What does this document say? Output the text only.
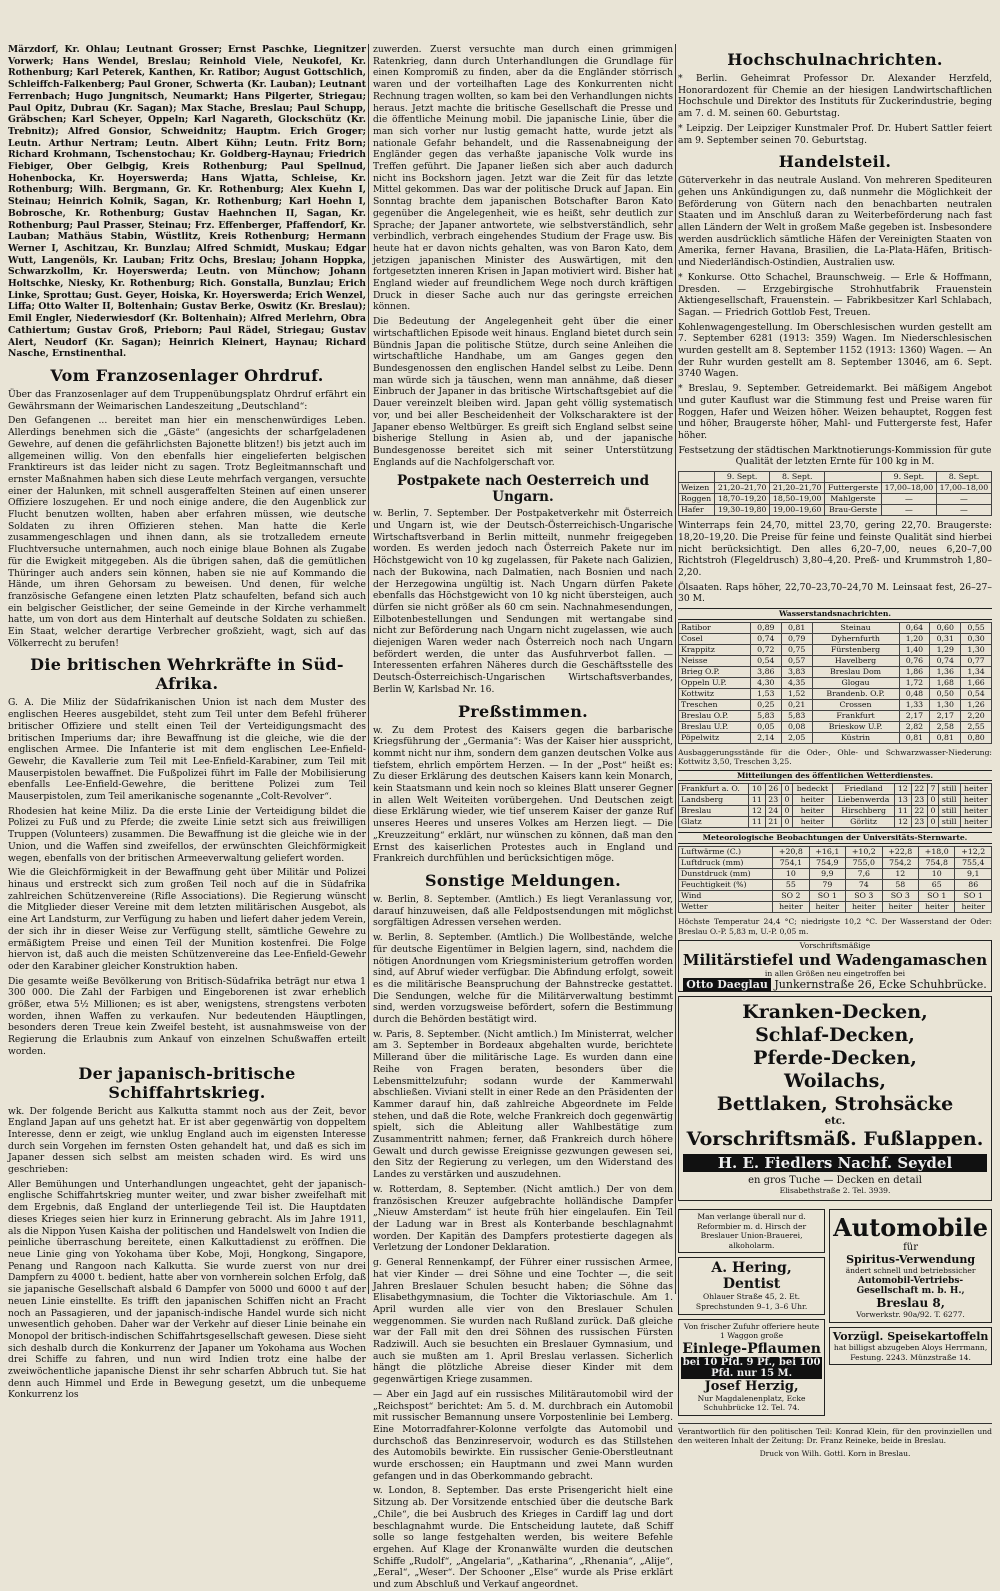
Märzdorf, Kr. Ohlau; Leutnant Grosser; Ernst Paschke, Liegnitzer Vorwerk; Hans Wendel, Breslau; Reinhold Viele, Neukofel, Kr. Rothenburg; Karl Peterek, Kanthen, Kr. Ratibor; August Gottschlich, Schleiffch-Falkenberg; Paul Groner, Schwerta (Kr. Lauban); Leutnant Ferrenbach; Hugo Jungnitsch, Neumarkt; Hans Pilgerter, Striegau; Paul Opitz, Dubrau (Kr. Sagan); Max Stache, Breslau; Paul Schupp, Gräbschen; Karl Scheyer, Oppeln; Karl Nagareth, Glockschütz (Kr. Trebnitz); Alfred Gonsior, Schweidnitz; Hauptm. Erich Groger; Leutn. Arthur Nertram; Leutn. Albert Kühn; Leutn. Fritz Born; Richard Krohmann, Tschenstochau; Kr. Goldberg-Haynau; Friedrich Fiebiger, Ober Gelbgig, Kreis Rothenburg; Paul Spellnud, Hohenbocka, Kr. Hoyerswerda; Hans Wjatta, Schleise, Kr. Rothenburg; Wilh. Bergmann, Gr. Kr. Rothenburg; Alex Kuehn I, Steinau; Heinrich Kolnik, Sagan, Kr. Rothenburg; Karl Hoehn I, Bobrosche, Kr. Rothenburg; Gustav Haehnchen II, Sagan, Kr. Rothenburg; Paul Prasser, Steinau; Frz. Effenberger, Pfaffendorf, Kr. Lauban; Mathäus Stabin, Wüstlitz, Kreis Rothenburg; Hermann Werner I, Aschitzau, Kr. Bunzlau; Alfred Schmidt, Muskau; Edgar Wutt, Langenöls, Kr. Lauban; Fritz Ochs, Breslau; Johann Hoppka, Schwarzkollm, Kr. Hoyerswerda; Leutn. von Münchow; Johann Holtschke, Niesky, Kr. Rothenburg; Rich. Gonstalla, Bunzlau; Erich Linke, Sprottau; Gust. Geyer, Hoiska, Kr. Hoyerswerda; Erich Wenzel, Liffa; Otto Walter II, Boltenhain; Gustav Berke, Oswitz (Kr. Breslau); Emil Engler, Niederwiesdorf (Kr. Boltenhain); Alfred Merlehrn, Obra Cathiertum; Gustav Groß, Prieborn; Paul Rädel, Striegau; Gustav Alert, Neudorf (Kr. Sagan); Heinrich Kleinert, Haynau; Richard Nasche, Ernstinenthal.

Vom Franzosenlager Ohrdruf.

Über das Franzosenlager auf dem Truppenübungsplatz Ohrdruf erfährt ein Gewährsmann der Weimarischen Landeszeitung „Deutschland“:

Den Gefangenen ... bereitet man hier ein menschenwürdiges Leben. Allerdings benehmen sich die „Gäste“ (angesichts der scharfgeladenen Gewehre, auf denen die gefährlichsten Bajonette blitzen!) bis jetzt auch im allgemeinen willig. Von den ebenfalls hier eingelieferten belgischen Franktireurs ist das leider nicht zu sagen. Trotz Begleitmannschaft und ernster Maßnahmen haben sich diese Leute mehrfach vergangen, versuchte einer der Halunken, mit schnell ausgeraffelten Steinen auf einen unserer Offiziere loszugehen. Er und noch einige andere, die den Augenblick zur Flucht benutzen wollten, haben aber erfahren müssen, wie deutsche Soldaten zu ihren Offizieren stehen. Man hatte die Kerle zusammengeschlagen und ihnen dann, als sie trotzalledem erneute Fluchtversuche unternahmen, auch noch einige blaue Bohnen als Zugabe für die Ewigkeit mitgegeben. Als die übrigen sahen, daß die gemütlichen Thüringer auch anders sein können, haben sie nie auf Kommando die Hände, um ihren Gehorsam zu beweisen. Und denen, für welche französische Gefangene einen letzten Platz schaufelten, befand sich auch ein belgischer Geistlicher, der seine Gemeinde in der Kirche verhammelt hatte, um von dort aus dem Hinterhalt auf deutsche Soldaten zu schießen. Ein Staat, welcher derartige Verbrecher großzieht, wagt, sich auf das Völkerrecht zu berufen!

Die britischen Wehrkräfte in Süd-Afrika.

G. A. Die Miliz der Südafrikanischen Union ist nach dem Muster des englischen Heeres ausgebildet, steht zum Teil unter dem Befehl früherer britischer Offiziere und stellt einen Teil der Verteidigungsmacht des britischen Imperiums dar; ihre Bewaffnung ist die gleiche, wie die der englischen Armee. Die Infanterie ist mit dem englischen Lee-Enfield-Gewehr, die Kavallerie zum Teil mit Lee-Enfield-Karabiner, zum Teil mit Mauserpistolen bewaffnet. Die Fußpolizei führt im Falle der Mobilisierung ebenfalls Lee-Enfield-Gewehre, die berittene Polizei zum Teil Mauserpistolen, zum Teil amerikanische sogenannte „Colt-Revolver“.

Rhodesien hat keine Miliz. Da die erste Linie der Verteidigung bildet die Polizei zu Fuß und zu Pferde; die zweite Linie setzt sich aus freiwilligen Truppen (Volunteers) zusammen. Die Bewaffnung ist die gleiche wie in der Union, und die Waffen sind zweifellos, der erwünschten Gleichförmigkeit wegen, ebenfalls von der britischen Armeeverwaltung geliefert worden.

Wie die Gleichförmigkeit in der Bewaffnung geht über Militär und Polizei hinaus und erstreckt sich zum großen Teil noch auf die in Südafrika zahlreichen Schützenvereine (Rifle Associations). Die Regierung wünscht die Mitglieder dieser Vereine mit dem letzten militärischen Ausgebot, als eine Art Landsturm, zur Verfügung zu haben und liefert daher jedem Verein, der sich ihr in dieser Weise zur Verfügung stellt, sämtliche Gewehre zu ermäßigtem Preise und einen Teil der Munition kostenfrei. Die Folge hiervon ist, daß auch die meisten Schützenvereine das Lee-Enfield-Gewehr oder den Karabiner gleicher Konstruktion haben.

Die gesamte weiße Bevölkerung von Britisch-Südafrika beträgt nur etwa 1 300 000. Die Zahl der Farbigen und Eingeborenen ist zwar erheblich größer, etwa 5½ Millionen; es ist aber, wenigstens, strengstens verboten worden, ihnen Waffen zu verkaufen. Nur bedeutenden Häuptlingen, besonders deren Treue kein Zweifel besteht, ist ausnahmsweise von der Regierung die Erlaubnis zum Ankauf von einzelnen Schußwaffen erteilt worden.

Der japanisch-britische Schiffahrtskrieg.

wk. Der folgende Bericht aus Kalkutta stammt noch aus der Zeit, bevor England Japan auf uns gehetzt hat. Er ist aber gegenwärtig von doppeltem Interesse, denn er zeigt, wie unklug England auch im eigensten Interesse durch sein Vorgehen im fernsten Osten gehandelt hat, und daß es sich im Japaner dessen sich selbst am meisten schaden wird. Es wird uns geschrieben:

Aller Bemühungen und Unterhandlungen ungeachtet, geht der japanisch-englische Schiffahrtskrieg munter weiter, und zwar bisher zweifelhaft mit dem Ergebnis, daß England der unterliegende Teil ist. Die Hauptdaten dieses Krieges seien hier kurz in Erinnerung gebracht. Als im Jahre 1911, als die Nippon Yusen Kaisha der politischen und Handelswelt von Indien die peinliche überraschung bereitete, einen Kalkuttadienst zu eröffnen. Die neue Linie ging von Yokohama über Kobe, Moji, Hongkong, Singapore, Penang und Rangoon nach Kalkutta. Sie wurde zuerst von nur drei Dampfern zu 4000 t. bedient, hatte aber von vornherein solchen Erfolg, daß sie japanische Gesellschaft alsbald 6 Dampfer von 5000 und 6000 t auf der neuen Linie einstellte. Es trifft den japanischen Schiffen nicht an Fracht noch an Passagieren, und der japanisch-indische Handel wurde sich nicht unwesentlich gehoben. Daher war der Verkehr auf dieser Linie beinahe ein Monopol der britisch-indischen Schiffahrtsgesellschaft gewesen. Diese sieht sich deshalb durch die Konkurrenz der Japaner um Yokohama aus Wochen drei Schiffe zu fahren, und nun wird Indien trotz eine halbe der zweiwöchentliche japanische Dienst ihr sehr scharfen Abbruch tut. Sie hat denn auch Himmel und Erde in Bewegung gesetzt, um die unbequeme Konkurrenz los

zuwerden. Zuerst versuchte man durch einen grimmigen Ratenkrieg, dann durch Unterhandlungen die Grundlage für einen Kompromiß zu finden, aber da die Engländer störrisch waren und der vorteilhaften Lage des Konkurrenten nicht Rechnung tragen wollten, so kam bei den Verhandlungen nichts heraus. Jetzt machte die britische Gesellschaft die Presse und die öffentliche Meinung mobil. Die japanische Linie, über die man sich vorher nur lustig gemacht hatte, wurde jetzt als nationale Gefahr behandelt, und die Rassenabneigung der Engländer gegen das verhaßte japanische Volk wurde ins Treffen geführt. Die Japaner ließen sich aber auch dadurch nicht ins Bockshorn jagen. Jetzt war die Zeit für das letzte Mittel gekommen. Das war der politische Druck auf Japan. Ein Sonntag brachte dem japanischen Botschafter Baron Kato gegenüber die Angelegenheit, wie es heißt, sehr deutlich zur Sprache; der Japaner antwortete, wie selbstverständlich, sehr verbindlich, verbrach eingehendes Studium der Frage usw. Bis heute hat er davon nichts gehalten, was von Baron Kato, dem jetzigen japanischen Minister des Auswärtigen, mit den fortgesetzten inneren Krisen in Japan motiviert wird. Bisher hat England wieder auf freundlichem Wege noch durch kräftigen Druck in dieser Sache auch nur das geringste erreichen können.

Die Bedeutung der Angelegenheit geht über die einer wirtschaftlichen Episode weit hinaus. England bietet durch sein Bündnis Japan die politische Stütze, durch seine Anleihen die wirtschaftliche Handhabe, um am Ganges gegen den Bundesgenossen den englischen Handel selbst zu Leibe. Denn man würde sich ja täuschen, wenn man annähme, daß dieser Einbruch der Japaner in das britische Wirtschaftsgebiet auf die Dauer vereinzelt bleiben wird. Japan geht völlig systematisch vor, und bei aller Bescheidenheit der Volkscharaktere ist der Japaner ebenso Weltbürger. Es greift sich England selbst seine bisherige Stellung in Asien ab, und der japanische Bundesgenosse bereitet sich mit seiner Unterstützung Englands auf die Nachfolgerschaft vor.

Postpakete nach Oesterreich und Ungarn.

w. Berlin, 7. September. Der Postpaketverkehr mit Österreich und Ungarn ist, wie der Deutsch-Österreichisch-Ungarische Wirtschaftsverband in Berlin mitteilt, nunmehr freigegeben worden. Es werden jedoch nach Österreich Pakete nur im Höchstgewicht von 10 kg zugelassen, für Pakete nach Galizien, nach der Bukowina, nach Dalmatien, nach Bosnien und nach der Herzegowina ungültig ist. Nach Ungarn dürfen Pakete ebenfalls das Höchstgewicht von 10 kg nicht übersteigen, auch dürfen sie nicht größer als 60 cm sein. Nachnahmesendungen, Eilbotenbestellungen und Sendungen mit wertangabe sind nicht zur Beförderung nach Ungarn nicht zugelassen, wie auch diejenigen Waren weder nach Österreich noch nach Ungarn befördert werden, die unter das Ausfuhrverbot fallen. — Interessenten erfahren Näheres durch die Geschäftsstelle des Deutsch-Österreichisch-Ungarischen Wirtschaftsverbandes, Berlin W, Karlsbad Nr. 16.

Preßstimmen.

w. Zu dem Protest des Kaisers gegen die barbarische Kriegsführung der „Germania“: Was der Kaiser hier ausspricht, kommt nicht nur ihm, sondern dem ganzen deutschen Volke aus tiefstem, ehrlich empörtem Herzen. — In der „Post“ heißt es: Zu dieser Erklärung des deutschen Kaisers kann kein Monarch, kein Staatsmann und kein noch so kleines Blatt unserer Gegner in allen Welt Weiteiten vorübergehen. Und Deutschen zeigt diese Erklärung wieder, wie tief unserem Kaiser der ganze Ruf unseres Heeres und unseres Volkes am Herzen liegt. — Die „Kreuzzeitung“ erklärt, nur wünschen zu können, daß man den Ernst des kaiserlichen Protestes auch in England und Frankreich durchfühlen und berücksichtigen möge.

Sonstige Meldungen.

w. Berlin, 8. September. (Amtlich.) Es liegt Veranlassung vor, darauf hinzuweisen, daß alle Feldpostsendungen mit möglichst sorgfältigen Adressen versehen werden.

w. Berlin, 8. September. (Amtlich.) Die Wollbestände, welche für deutsche Eigentümer in Belgien lagern, sind, nachdem die nötigen Anordnungen vom Kriegsministerium getroffen worden sind, auf Abruf wieder verfügbar. Die Abfindung erfolgt, soweit es die militärische Beanspruchung der Bahnstrecke gestattet. Die Sendungen, welche für die Militärverwaltung bestimmt sind, werden vorzugsweise befördert, sofern die Bestimmung durch die Behörden bestätigt wird.

w. Paris, 8. September. (Nicht amtlich.) Im Ministerrat, welcher am 3. September in Bordeaux abgehalten wurde, berichtete Millerand über die militärische Lage. Es wurden dann eine Reihe von Fragen beraten, besonders über die Lebensmittelzufuhr; sodann wurde der Kammerwahl abschließen. Viviani stellt in einer Rede an den Präsidenten der Kammer darauf hin, daß zahlreiche Abgeordnete im Felde stehen, und daß die Rote, welche Frankreich doch gegenwärtig spielt, sich die Ableitung aller Wahlbestätige zum Zusammentritt nahmen; ferner, daß Frankreich durch höhere Gewalt und durch gewisse Ereignisse gezwungen gewesen sei, den Sitz der Regierung zu verlegen, um den Widerstand des Landes zu verstärken und auszudehnen.

w. Rotterdam, 8. September. (Nicht amtlich.) Der von dem französischen Kreuzer aufgebrachte holländische Dampfer „Nieuw Amsterdam“ ist heute früh hier eingelaufen. Ein Teil der Ladung war in Brest als Konterbande beschlagnahmt worden. Der Kapitän des Dampfers protestierte dagegen als Verletzung der Londoner Deklaration.

g. General Rennenkampf, der Führer einer russischen Armee, hat vier Kinder — drei Söhne und eine Tochter —, die seit Jahren Breslauer Schulen besucht haben; die Söhne das Elisabethgymnasium, die Tochter die Viktoriaschule. Am 1. April wurden alle vier von den Breslauer Schulen weggenommen. Sie wurden nach Rußland zurück. Daß gleiche war der Fall mit den drei Söhnen des russischen Fürsten Radziwill. Auch sie besuchten ein Breslauer Gymnasium, und auch sie mußten am 1. April Breslau verlassen. Sicherlich hängt die plötzliche Abreise dieser Kinder mit dem gegenwärtigen Kriege zusammen.

— Aber ein Jagd auf ein russisches Militärautomobil wird der „Reichspost“ berichtet: Am 5. d. M. durchbrach ein Automobil mit russischer Bemannung unsere Vorpostenlinie bei Lemberg. Eine Motorradfahrer-Kolonne verfolgte das Automobil und durchschoß das Benzinreservoir, wodurch es das Stillstehen des Automobils bewirkte. Ein russischer Genie-Oberstleutnant wurde erschossen; ein Hauptmann und zwei Mann wurden gefangen und in das Oberkommando gebracht.

w. London, 8. September. Das erste Prisengericht hielt eine Sitzung ab. Der Vorsitzende entschied über die deutsche Bark „Chile“, die bei Ausbruch des Krieges in Cardiff lag und dort beschlagnahmt wurde. Die Entscheidung lautete, daß Schiff solle so lange festgehalten werden, bis weitere Befehle ergehen. Auf Klage der Kronanwälte wurden die deutschen Schiffe „Rudolf“, „Angelaria“, „Katharina“, „Rhenania“, „Alije“, „Eeral“, „Weser“. Der Schooner „Else“ wurde als Prise erklärt und zum Abschluß und Verkauf angeordnet.

Hochschulnachrichten.

* Berlin. Geheimrat Professor Dr. Alexander Herzfeld, Honorardozent für Chemie an der hiesigen Landwirtschaftlichen Hochschule und Direktor des Instituts für Zuckerindustrie, beging am 7. d. M. seinen 60. Geburtstag.

* Leipzig. Der Leipziger Kunstmaler Prof. Dr. Hubert Sattler feiert am 9. September seinen 70. Geburtstag.

Handelsteil.

Güterverkehr in das neutrale Ausland. Von mehreren Spediteuren gehen uns Ankündigungen zu, daß nunmehr die Möglichkeit der Beförderung von Gütern nach den benachbarten neutralen Staaten und im Anschluß daran zu Weiterbeförderung nach fast allen Ländern der Welt in großem Maße gegeben ist. Insbesondere werden ausdrücklich sämtliche Häfen der Vereinigten Staaten von Amerika, ferner Havana, Brasilien, die La-Plata-Häfen, Britisch- und Niederländisch-Ostindien, Australien usw.

* Konkurse. Otto Schachel, Braunschweig. — Erle & Hoffmann, Dresden. — Erzgebirgische Strohhutfabrik Frauenstein Aktiengesellschaft, Frauenstein. — Fabrikbesitzer Karl Schlabach, Sagan. — Friedrich Gottlob Fest, Treuen.

Kohlenwagengestellung. Im Oberschlesischen wurden gestellt am 7. September 6281 (1913: 359) Wagen. Im Niederschlesischen wurden gestellt am 8. September 1152 (1913: 1360) Wagen. — An der Ruhr wurden gestellt am 8. September 13046, am 6. Sept. 3740 Wagen.

* Breslau, 9. September. Getreidemarkt. Bei mäßigem Angebot und guter Kauflust war die Stimmung fest und Preise waren für Roggen, Hafer und Weizen höher. Weizen behauptet, Roggen fest und höher, Braugerste höher, Mahl- und Futtergerste fest, Hafer höher.

Festsetzung der städtischen Marktnotierungs-Kommission für gute Qualität der letzten Ernte für 100 kg in M.

	9. Sept.	8. Sept.		9. Sept.	8. Sept.
Weizen	21,20–21,70	21,20–21,70	Futtergerste	17,00–18,00	17,00–18,00
Roggen	18,70–19,20	18,50–19,00	Mahlgerste	—	—
Hafer	19,30–19,80	19,00–19,60	Brau-Gerste	—	—

Winterraps fein 24,70, mittel 23,70, gering 22,70. Braugerste: 18,20–19,20. Die Preise für feine und feinste Qualität sind hierbei nicht berücksichtigt. Den alles 6,20–7,00, neues 6,20–7,00 Richtstroh (Flegeldrusch) 3,80–4,20. Preß- und Krummstroh 1,80–2,20.

Ölsaaten. Raps höher, 22,70–23,70–24,70 M. Leinsaat fest, 26–27–30 M.

Wasserstandsnachrichten.
Ratibor	0,89	0,81	Steinau	0,64	0,60	0,55
Cosel	0,74	0,79	Dyhernfurth	1,20	0,31	0,30
Krappitz	0,72	0,75	Fürstenberg	1,40	1,29	1,30
Neisse	0,54	0,57	Havelberg	0,76	0,74	0,77
Brieg O.P.	3,86	3,83	Breslau Dom	1,86	1,36	1,34
Oppeln U.P.	4,30	4,35	Glogau	1,72	1,68	1,66
Kottwitz	1,53	1,52	Brandenb. O.P.	0,48	0,50	0,54
Treschen	0,25	0,21	Crossen	1,33	1,30	1,26
Breslau O.P.	5,83	5,83	Frankfurt	2,17	2,17	2,20
Breslau U.P.	0,05	0,08	Brieskow U.P.	2,82	2,58	2,55
Pöpelwitz	2,14	2,05	Küstrin	0,81	0,81	0,80

Ausbaggerungsstände für die Oder-, Ohle- und Schwarzwasser-Niederung: Kottwitz 3,50, Treschen 3,25.

Mitteilungen des öffentlichen Wetterdienstes.
Frankfurt a. O.	10	26	0	bedeckt	Friedland	12	22	7	still	heiter
Landsberg	11	23	0	heiter	Liebenwerda	13	23	0	still	heiter
Breslau	12	24	0	heiter	Hirschberg	11	22	0	still	heiter
Glatz	11	21	0	heiter	Görlitz	12	23	0	still	heiter
Meteorologische Beobachtungen der Universitäts-Sternwarte.
Luftwärme (C.)	+20,8	+16,1	+10,2	+22,8	+18,0	+12,2
Luftdruck (mm)	754,1	754,9	755,0	754,2	754,8	755,4
Dunstdruck (mm)	10	9,9	7,6	12	10	9,1
Feuchtigkeit (%)	55	79	74	58	65	86
Wind	SO 2	SO 1	SO 3	SO 3	SO 1	SO 1
Wetter	heiter	heiter	heiter	heiter	heiter	heiter

Höchste Temperatur 24,4 °C; niedrigste 10,2 °C. Der Wasserstand der Oder: Breslau O.-P. 5,83 m, U.-P. 0,05 m.

Vorschriftsmäßige
Militärstiefel und Wadengamaschen
in allen Größen neu eingetroffen bei
Otto Daeglau Junkernstraße 26, Ecke Schuhbrücke.
Kranken-Decken,
Schlaf-Decken,
Pferde-Decken,
Woilachs,
Bettlaken, Strohsäcke
etc.
Vorschriftsmäß. Fußlappen.
H. E. Fiedlers Nachf. Seydel
en gros Tuche — Decken en detail
Elisabethstraße 2. Tel. 3939.
Man verlange überall nur d. Reformbier m. d. Hirsch der Breslauer Union-Brauerei, alkoholarm.
A. Hering, Dentist
Ohlauer Straße 45, 2. Et.
Sprechstunden 9–1, 3–6 Uhr.
Von frischer Zufuhr offeriere heute 1 Waggon große
Einlege-Pflaumen
bei 10 Pfd. 9 Pf., bei 100 Pfd. nur 15 M.
Josef Herzig,
Nur Magdalenenplatz, Ecke Schuhbrücke 12. Tel. 74.
Automobile
für
Spiritus-Verwendung
ändert schnell und betriebssicher
Automobil-Vertriebs-Gesellschaft m. b. H.,
Breslau 8,
Vorwerkstr. 90a/92. T. 6277.
Vorzügl. Speisekartoffeln
hat billigst abzugeben Aloys Herrmann, Festung. 2243. Münzstraße 14.

Verantwortlich für den politischen Teil: Konrad Klein, für den provinziellen und den weiteren Inhalt der Zeitung: Dr. Franz Reineke, beide in Breslau.

Druck von Wilh. Gottl. Korn in Breslau.
